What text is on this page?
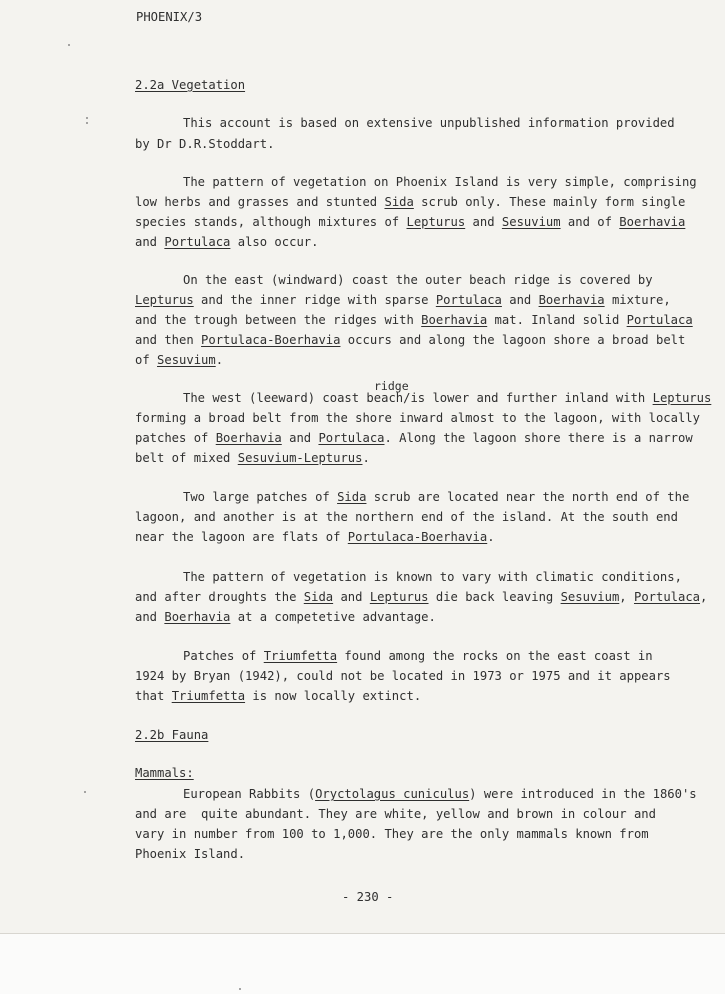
PHOENIX/3
2.2a Vegetation
This account is based on extensive unpublished information provided
by Dr D.R.Stoddart.
The pattern of vegetation on Phoenix Island is very simple, comprising
low herbs and grasses and stunted Sida scrub only. These mainly form single
species stands, although mixtures of Lepturus and Sesuvium and of Boerhavia
and Portulaca also occur.
On the east (windward) coast the outer beach ridge is covered by
Lepturus and the inner ridge with sparse Portulaca and Boerhavia mixture,
and the trough between the ridges with Boerhavia mat. Inland solid Portulaca
and then Portulaca-Boerhavia occurs and along the lagoon shore a broad belt
of Sesuvium.
ridge
The west (leeward) coast beach/is lower and further inland with Lepturus
forming a broad belt from the shore inward almost to the lagoon, with locally
patches of Boerhavia and Portulaca. Along the lagoon shore there is a narrow
belt of mixed Sesuvium-Lepturus.
Two large patches of Sida scrub are located near the north end of the
lagoon, and another is at the northern end of the island. At the south end
near the lagoon are flats of Portulaca-Boerhavia.
The pattern of vegetation is known to vary with climatic conditions,
and after droughts the Sida and Lepturus die back leaving Sesuvium, Portulaca,
and Boerhavia at a competetive advantage.
Patches of Triumfetta found among the rocks on the east coast in
1924 by Bryan (1942), could not be located in 1973 or 1975 and it appears
that Triumfetta is now locally extinct.
2.2b Fauna
Mammals:
European Rabbits (Oryctolagus cuniculus) were introduced in the 1860's
and are  quite abundant. They are white, yellow and brown in colour and
vary in number from 100 to 1,000. They are the only mammals known from
Phoenix Island.
- 230 -
